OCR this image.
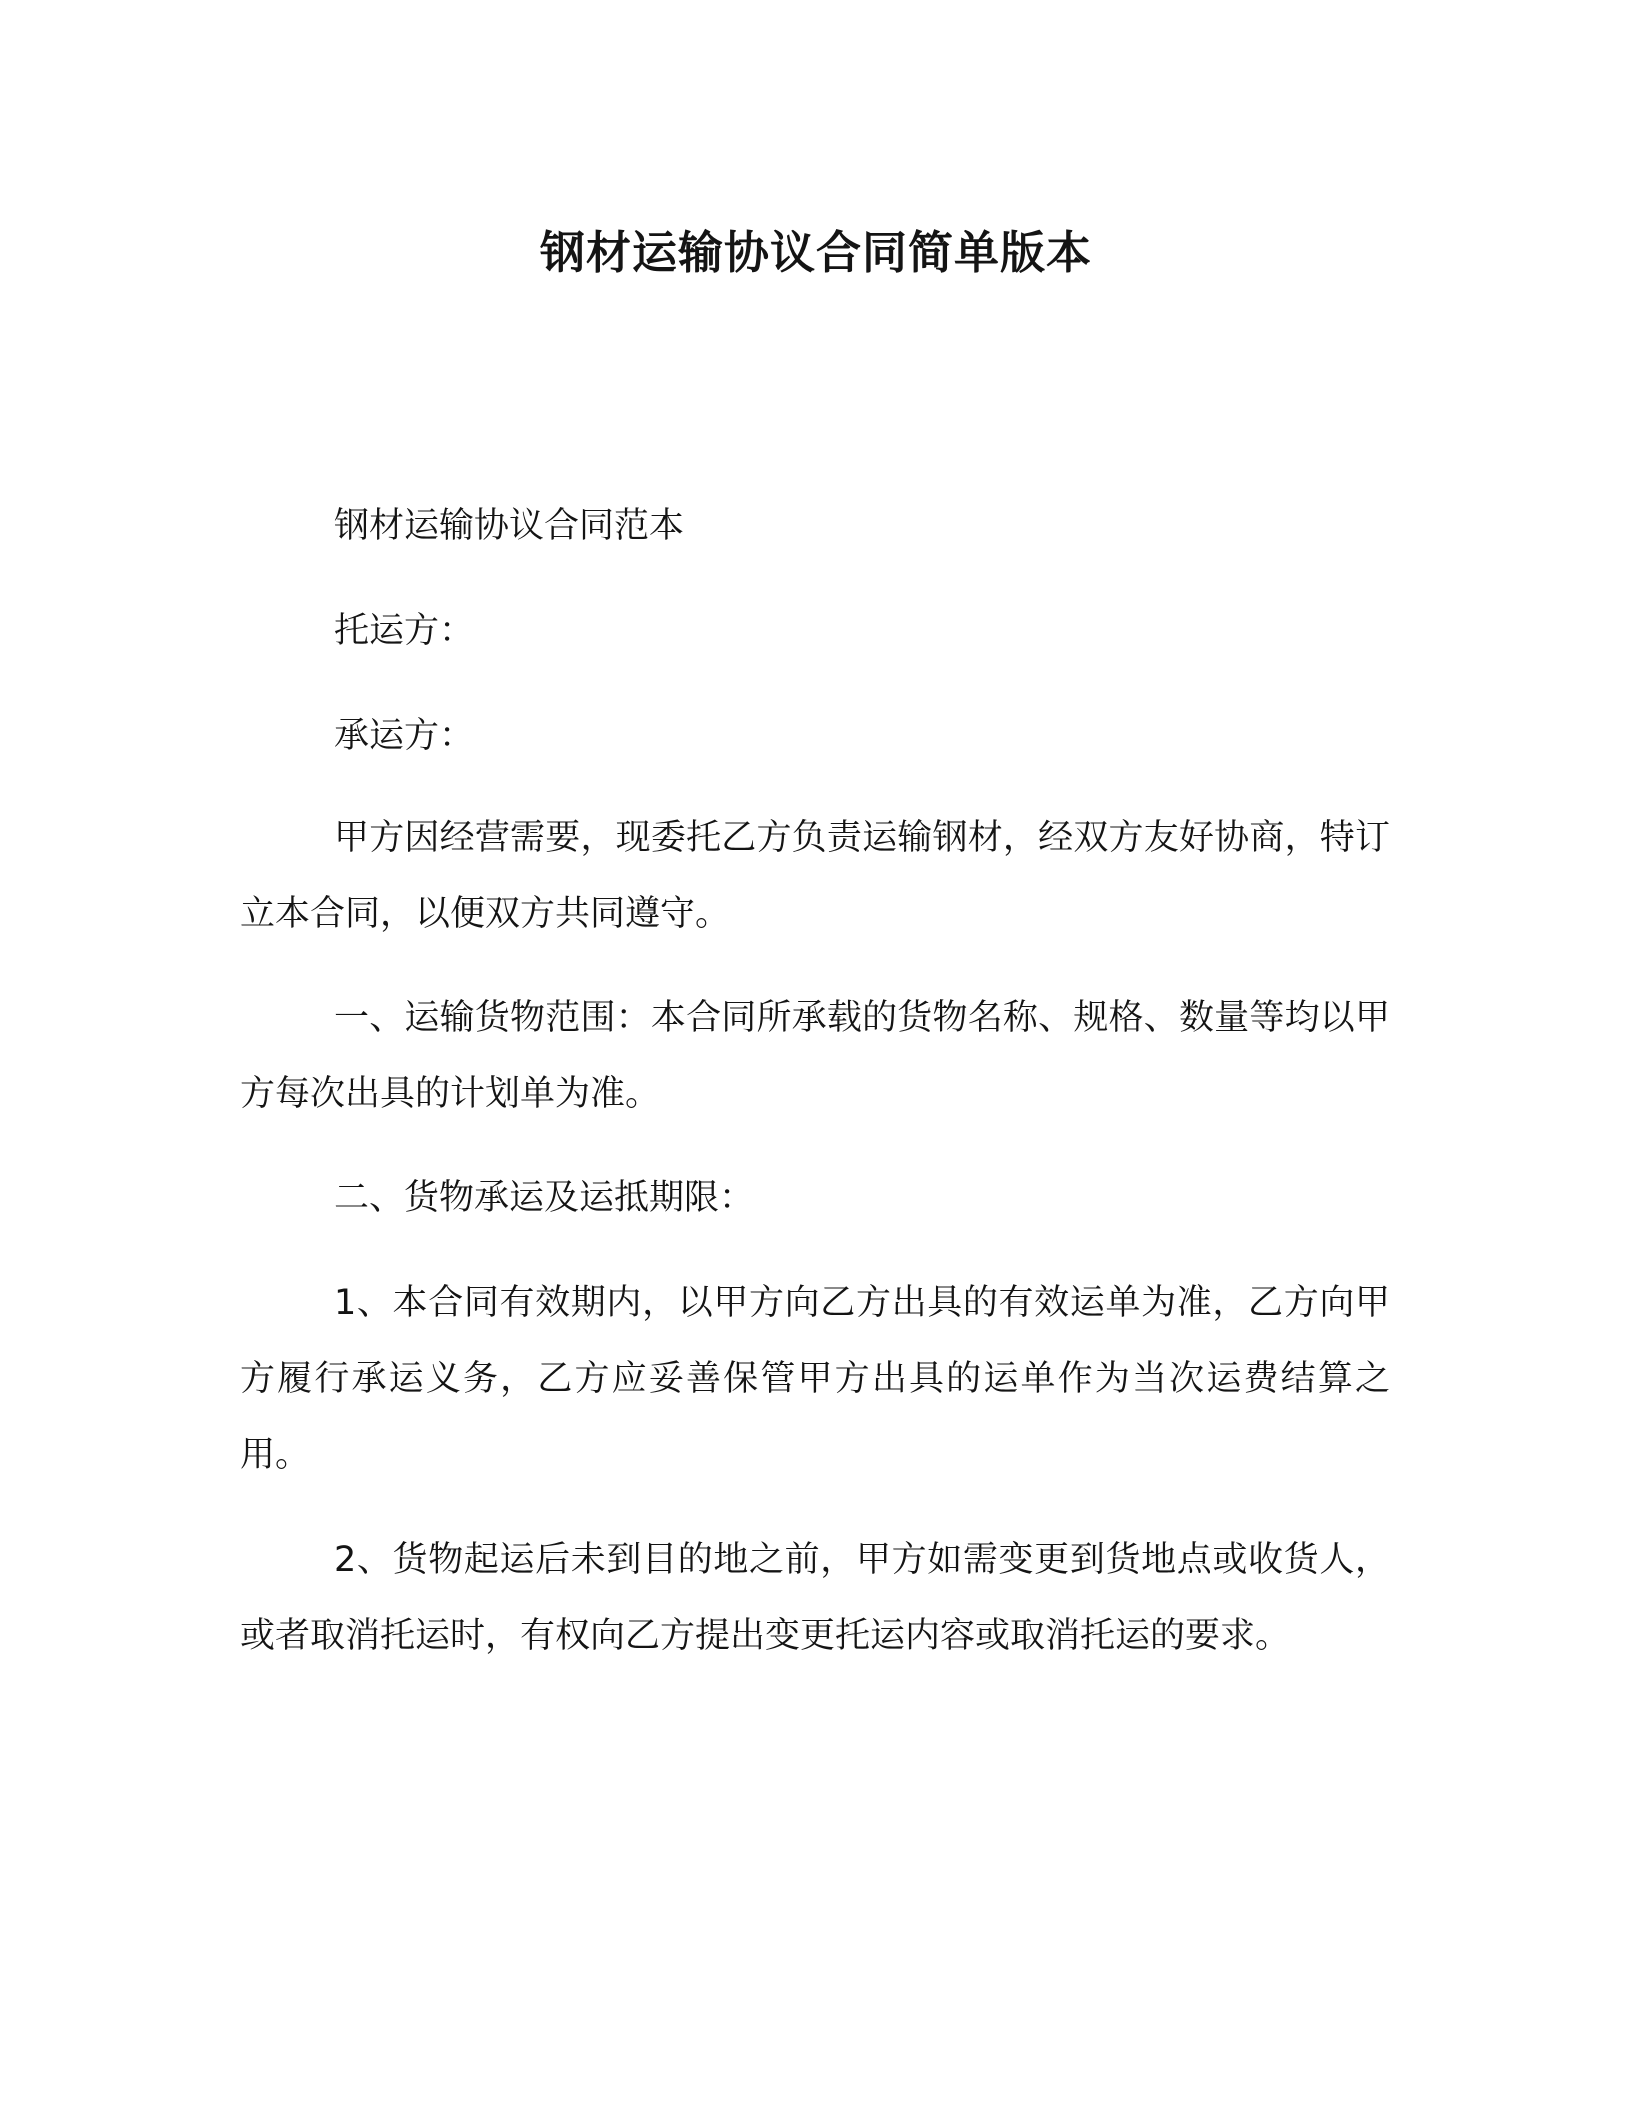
钢材运输协议合同简单版本

钢材运输协议合同范本

托运方：

承运方：

甲方因经营需要，现委托乙方负责运输钢材，经双方友好协商，特订立本合同，以便双方共同遵守。

一、运输货物范围：本合同所承载的货物名称、规格、数量等均以甲方每次出具的计划单为准。

二、货物承运及运抵期限：

1、本合同有效期内，以甲方向乙方出具的有效运单为准，乙方向甲方履行承运义务，乙方应妥善保管甲方出具的运单作为当次运费结算之用。

2、货物起运后未到目的地之前，甲方如需变更到货地点或收货人，或者取消托运时，有权向乙方提出变更托运内容或取消托运的要求。
